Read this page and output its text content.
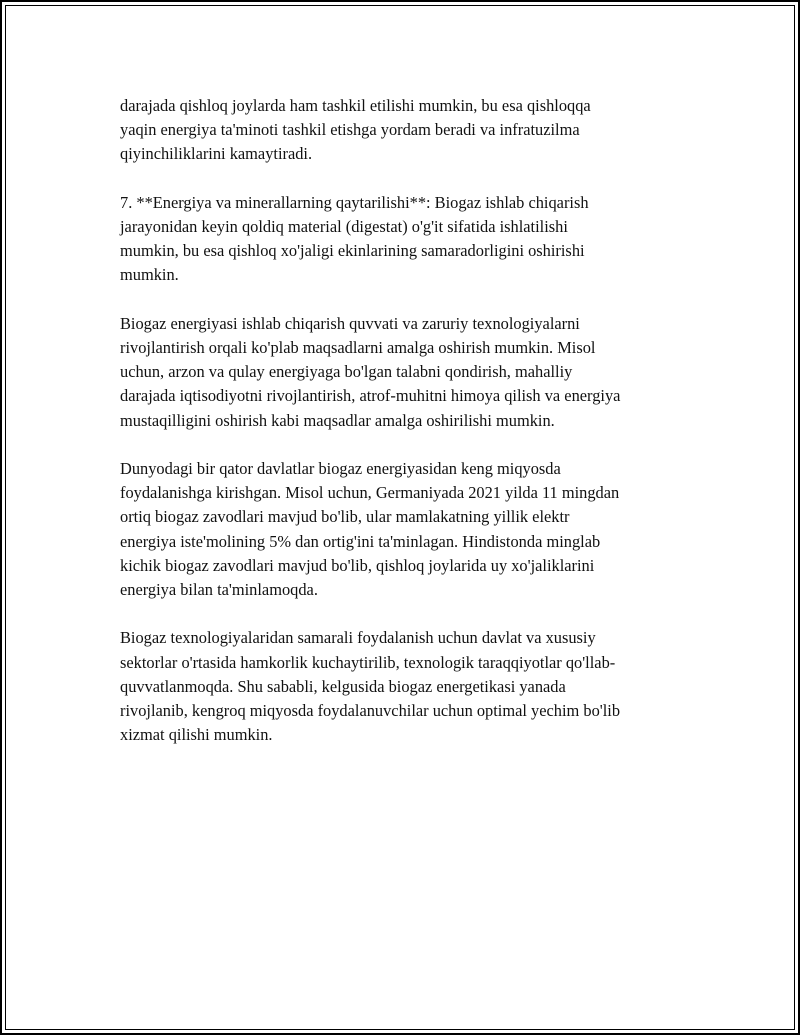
darajada qishloq joylarda ham tashkil etilishi mumkin, bu esa qishloqqa
yaqin energiya ta'minoti tashkil etishga yordam beradi va infratuzilma
qiyinchiliklarini kamaytiradi.

7. **Energiya va minerallarning qaytarilishi**: Biogaz ishlab chiqarish
jarayonidan keyin qoldiq material (digestat) o'g'it sifatida ishlatilishi
mumkin, bu esa qishloq xo'jaligi ekinlarining samaradorligini oshirishi
mumkin.

Biogaz energiyasi ishlab chiqarish quvvati va zaruriy texnologiyalarni
rivojlantirish orqali ko'plab maqsadlarni amalga oshirish mumkin. Misol
uchun, arzon va qulay energiyaga bo'lgan talabni qondirish, mahalliy
darajada iqtisodiyotni rivojlantirish, atrof-muhitni himoya qilish va energiya
mustaqilligini oshirish kabi maqsadlar amalga oshirilishi mumkin.

Dunyodagi bir qator davlatlar biogaz energiyasidan keng miqyosda
foydalanishga kirishgan. Misol uchun, Germaniyada 2021 yilda 11 mingdan
ortiq biogaz zavodlari mavjud bo'lib, ular mamlakatning yillik elektr
energiya iste'molining 5% dan ortig'ini ta'minlagan. Hindistonda minglab
kichik biogaz zavodlari mavjud bo'lib, qishloq joylarida uy xo'jaliklarini
energiya bilan ta'minlamoqda.

Biogaz texnologiyalaridan samarali foydalanish uchun davlat va xususiy
sektorlar o'rtasida hamkorlik kuchaytirilib, texnologik taraqqiyotlar qo'llab-
quvvatlanmoqda. Shu sababli, kelgusida biogaz energetikasi yanada
rivojlanib, kengroq miqyosda foydalanuvchilar uchun optimal yechim bo'lib
xizmat qilishi mumkin.
